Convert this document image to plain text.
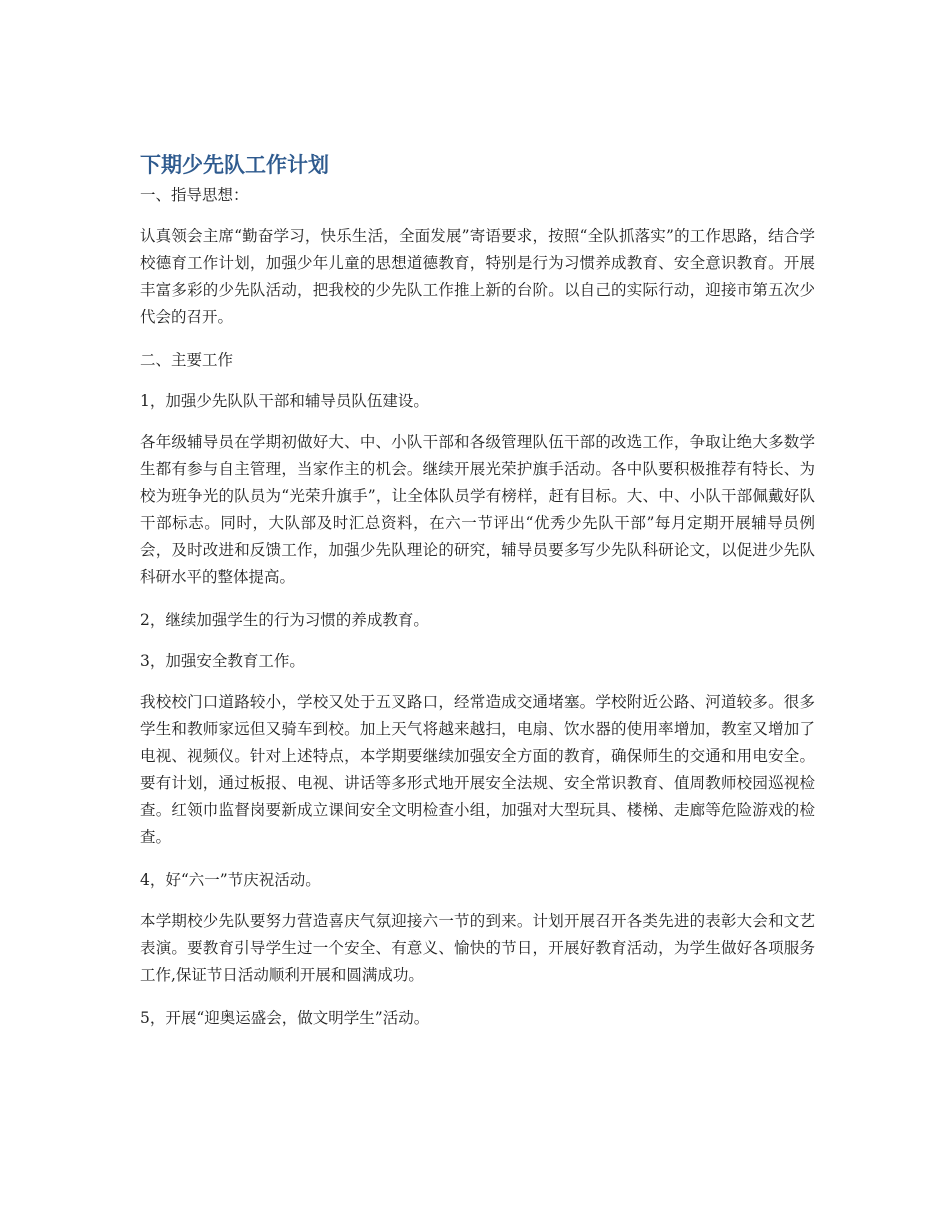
下期少先队工作计划

一、指导思想：

认真领会主席“勤奋学习，快乐生活，全面发展”寄语要求，按照“全队抓落实”的工作思路，结合学校德育工作计划，加强少年儿童的思想道德教育，特别是行为习惯养成教育、安全意识教育。开展丰富多彩的少先队活动，把我校的少先队工作推上新的台阶。以自己的实际行动，迎接市第五次少代会的召开。

二、主要工作

1，加强少先队队干部和辅导员队伍建设。

各年级辅导员在学期初做好大、中、小队干部和各级管理队伍干部的改选工作，争取让绝大多数学生都有参与自主管理，当家作主的机会。继续开展光荣护旗手活动。各中队要积极推荐有特长、为校为班争光的队员为“光荣升旗手”，让全体队员学有榜样，赶有目标。大、中、小队干部佩戴好队干部标志。同时，大队部及时汇总资料，在六一节评出“优秀少先队干部”每月定期开展辅导员例会，及时改进和反馈工作，加强少先队理论的研究，辅导员要多写少先队科研论文，以促进少先队科研水平的整体提高。

2，继续加强学生的行为习惯的养成教育。

3，加强安全教育工作。

我校校门口道路较小，学校又处于五叉路口，经常造成交通堵塞。学校附近公路、河道较多。很多学生和教师家远但又骑车到校。加上天气将越来越扫，电扇、饮水器的使用率增加，教室又增加了电视、视频仪。针对上述特点，本学期要继续加强安全方面的教育，确保师生的交通和用电安全。要有计划，通过板报、电视、讲话等多形式地开展安全法规、安全常识教育、值周教师校园巡视检查。红领巾监督岗要新成立课间安全文明检查小组，加强对大型玩具、楼梯、走廊等危险游戏的检查。

4，好“六一”节庆祝活动。

本学期校少先队要努力营造喜庆气氛迎接六一节的到来。计划开展召开各类先进的表彰大会和文艺表演。要教育引导学生过一个安全、有意义、愉快的节日，开展好教育活动，为学生做好各项服务工作,保证节日活动顺利开展和圆满成功。

5，开展“迎奥运盛会，做文明学生”活动。
